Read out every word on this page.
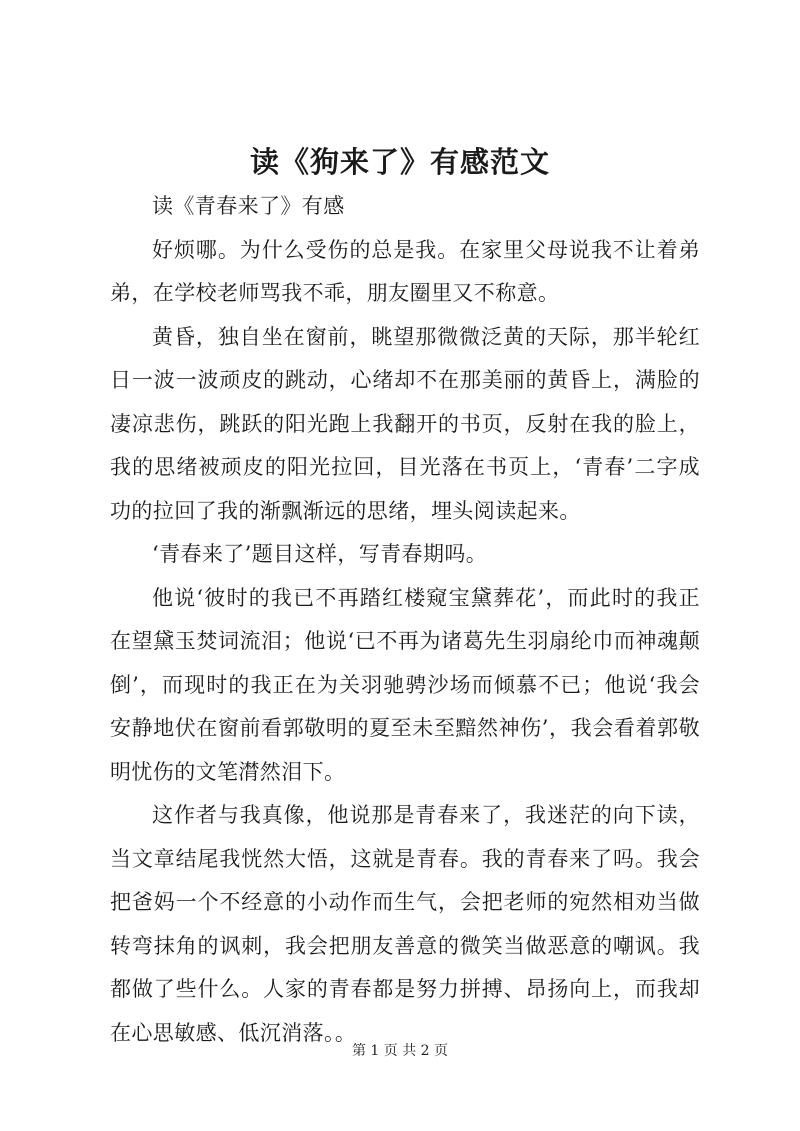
读《狗来了》有感范文

读《青春来了》有感

好烦哪。为什么受伤的总是我。在家里父母说我不让着弟弟，在学校老师骂我不乖，朋友圈里又不称意。

黄昏，独自坐在窗前，眺望那微微泛黄的天际，那半轮红日一波一波顽皮的跳动，心绪却不在那美丽的黄昏上，满脸的凄凉悲伤，跳跃的阳光跑上我翻开的书页，反射在我的脸上，我的思绪被顽皮的阳光拉回，目光落在书页上，‘青春’二字成功的拉回了我的渐飘渐远的思绪，埋头阅读起来。

‘青春来了’题目这样，写青春期吗。

他说‘彼时的我已不再踏红楼窥宝黛葬花’，而此时的我正在望黛玉焚词流泪；他说‘已不再为诸葛先生羽扇纶巾而神魂颠倒’，而现时的我正在为关羽驰骋沙场而倾慕不已；他说‘我会安静地伏在窗前看郭敬明的夏至未至黯然神伤’，我会看着郭敬明忧伤的文笔潸然泪下。

这作者与我真像，他说那是青春来了，我迷茫的向下读，当文章结尾我恍然大悟，这就是青春。我的青春来了吗。我会把爸妈一个不经意的小动作而生气，会把老师的宛然相劝当做转弯抹角的讽刺，我会把朋友善意的微笑当做恶意的嘲讽。我都做了些什么。人家的青春都是努力拼搏、昂扬向上，而我却在心思敏感、低沉消落。。

第 1 页 共 2 页
